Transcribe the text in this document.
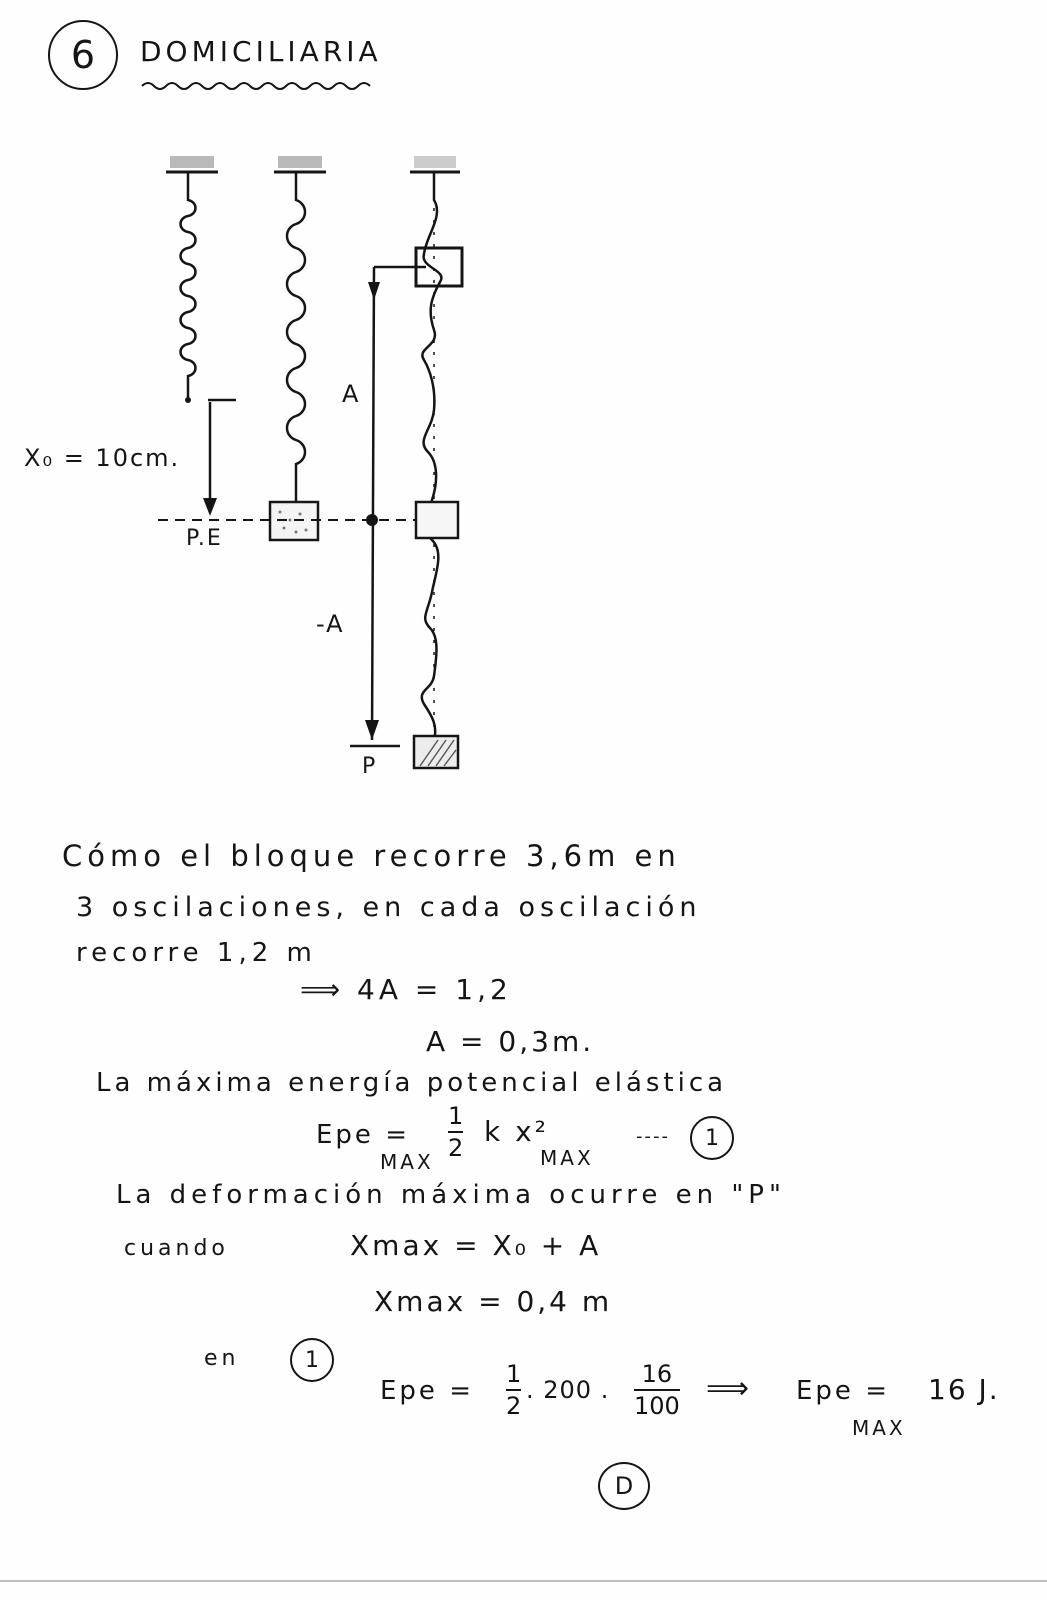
6 DOMICILIARIA
X₀ = 10cm.
P.E
A
-A
P
Cómo el bloque recorre 3,6m en
3 oscilaciones, en cada oscilación
recorre 1,2 m
⟹ 4A = 1,2
A = 0,3m.
La máxima energía potencial elástica
Epe =
MAX
1
2 k x²
MAX
---- 1
La deformación máxima ocurre en "P"
cuando	Xmax = X₀ + A
Xmax = 0,4 m
en	1
Epe =
1
2
. 200 .
16
100 ⟹ Epe =
MAX
16 J.
D
